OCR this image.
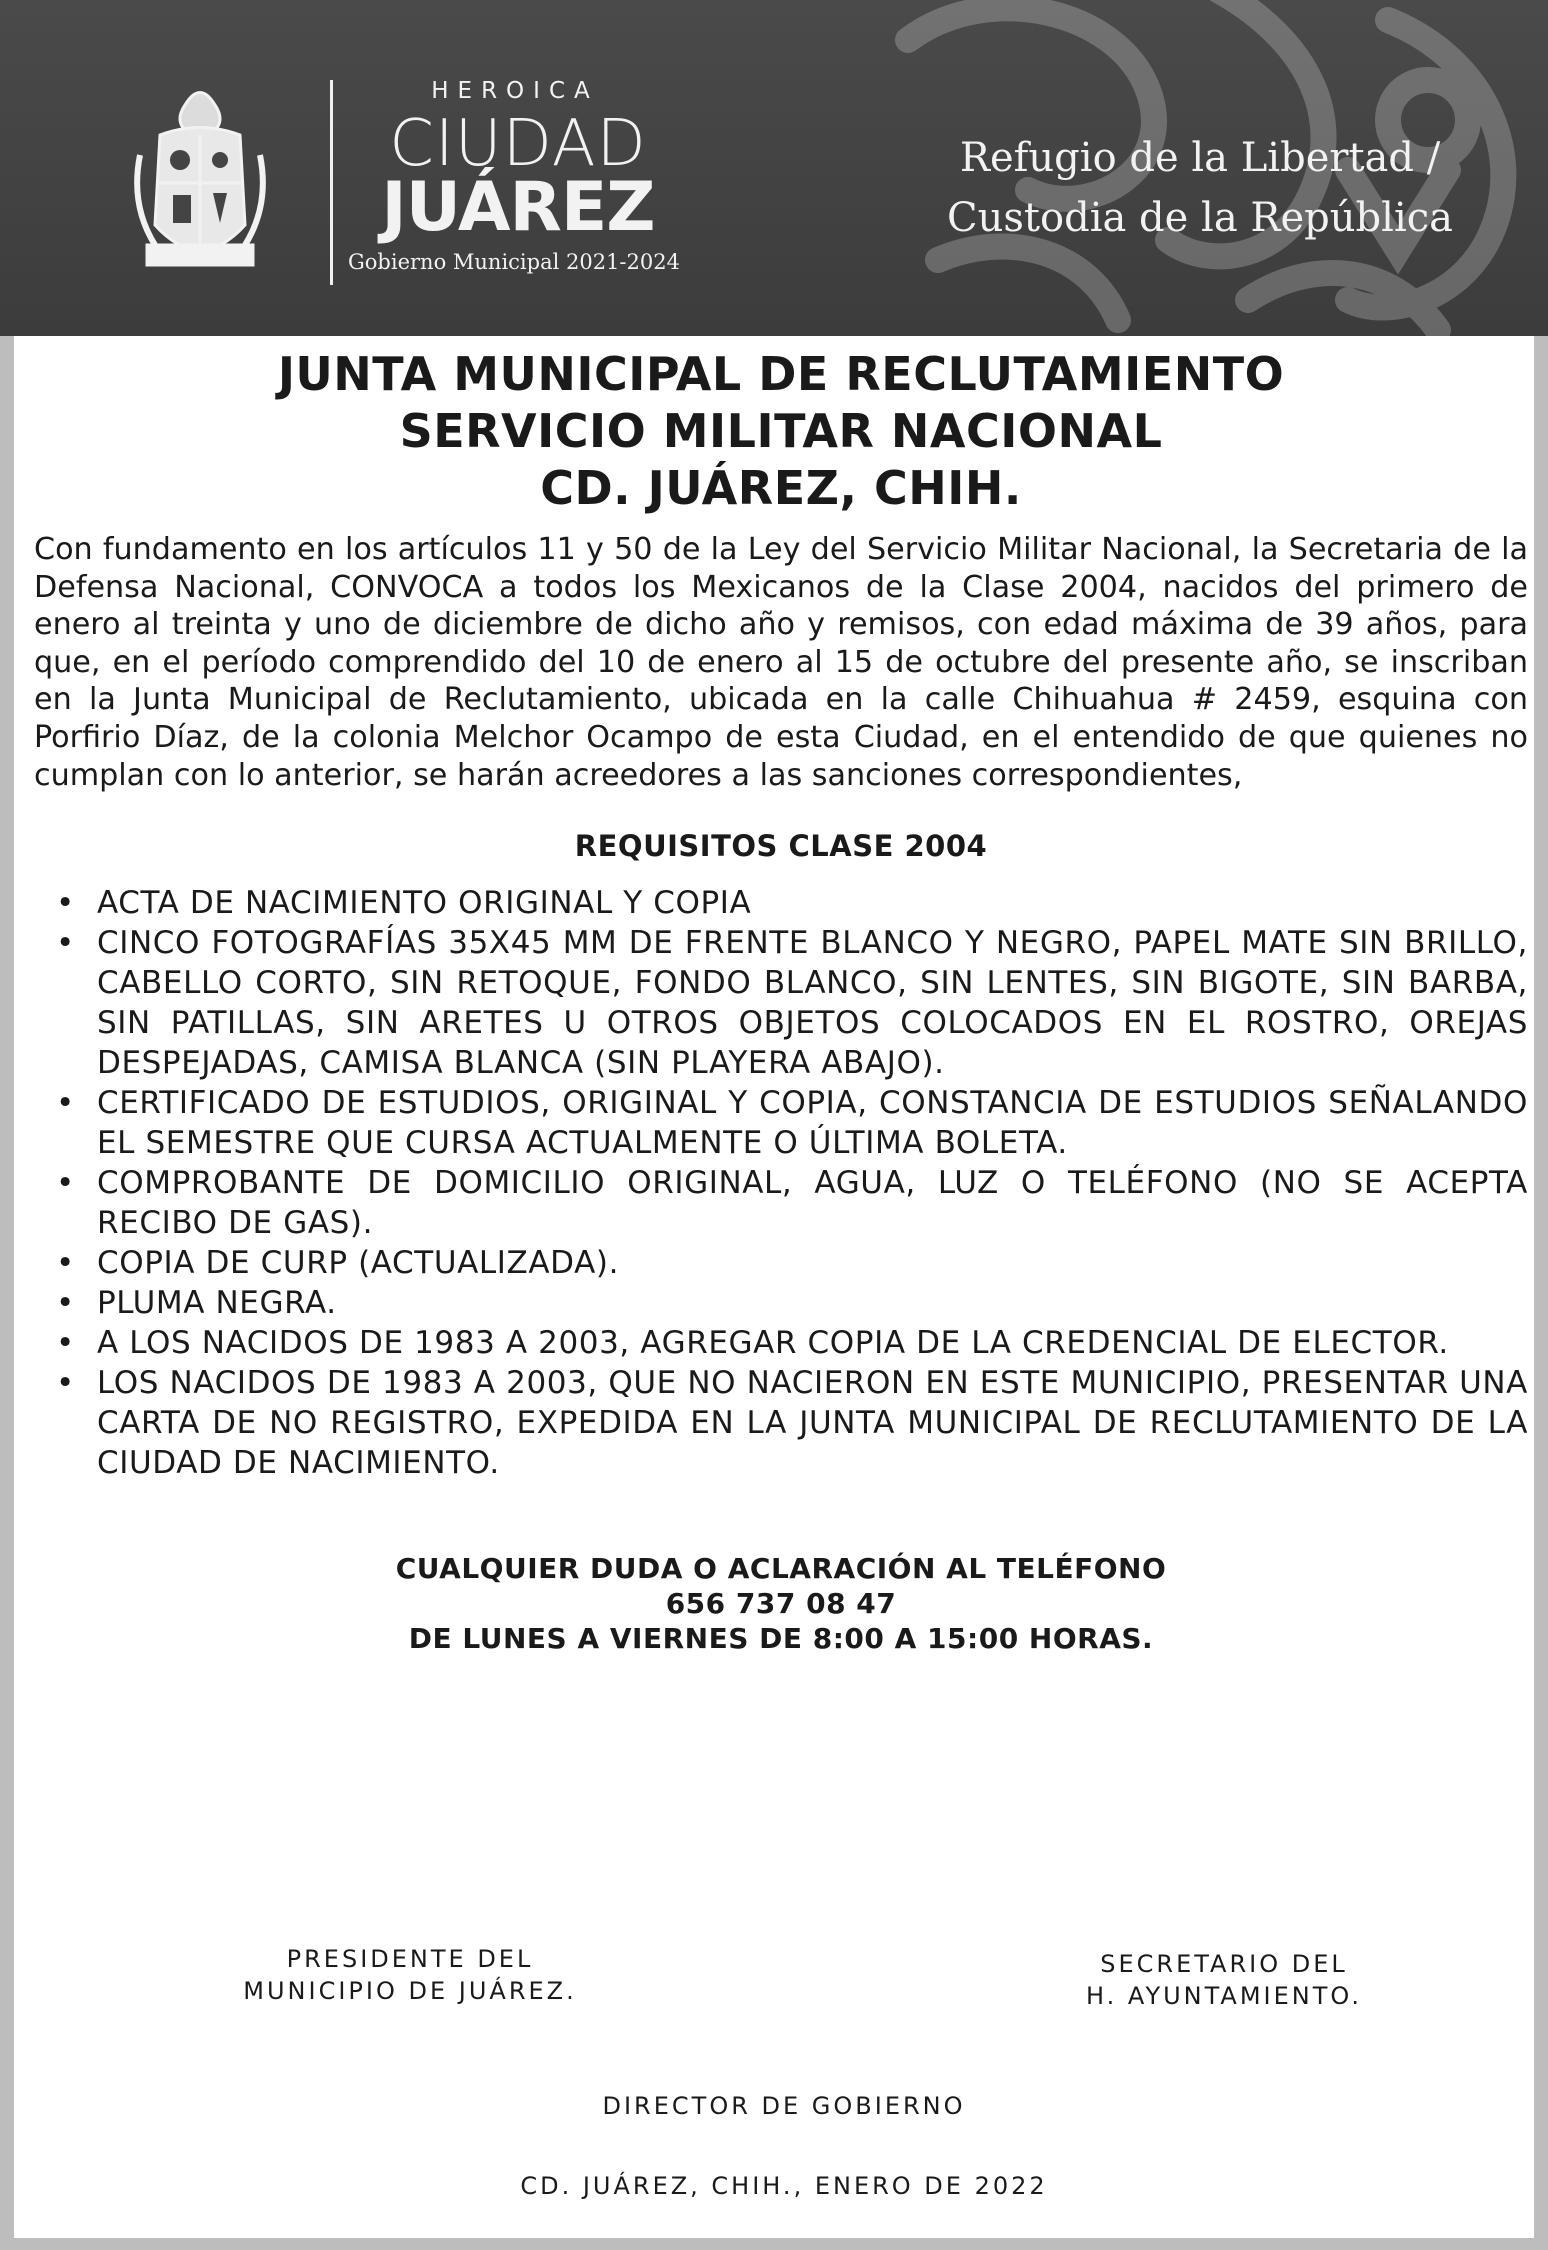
HEROICA
CIUDAD
JUÁREZ
Gobierno Municipal 2021-2024
Refugio de la Libertad /
Custodia de la República
JUNTA MUNICIPAL DE RECLUTAMIENTO
SERVICIO MILITAR NACIONAL
CD. JUÁREZ, CHIH.

Con fundamento en los artículos 11 y 50 de la Ley del Servicio Militar Nacional, la Secretaria de la Defensa Nacional, CONVOCA a todos los Mexicanos de la Clase 2004, nacidos del primero de enero al treinta y uno de diciembre de dicho año y remisos, con edad máxima de 39 años, para que, en el período comprendido del 10 de enero al 15 de octubre del presente año, se inscriban en la Junta Municipal de Reclutamiento, ubicada en la calle Chihuahua # 2459, esquina con Porfirio Díaz, de la colonia Melchor Ocampo de esta Ciudad, en el entendido de que quienes no cumplan con lo anterior, se harán acreedores a las sanciones correspondientes,

REQUISITOS CLASE 2004
• ACTA DE NACIMIENTO ORIGINAL Y COPIA
• CINCO FOTOGRAFÍAS 35X45 MM DE FRENTE BLANCO Y NEGRO, PAPEL MATE SIN BRILLO, CABELLO CORTO, SIN RETOQUE, FONDO BLANCO, SIN LENTES, SIN BIGOTE, SIN BARBA, SIN PATILLAS, SIN ARETES U OTROS OBJETOS COLOCADOS EN EL ROSTRO, OREJAS DESPEJADAS, CAMISA BLANCA (SIN PLAYERA ABAJO).
• CERTIFICADO DE ESTUDIOS, ORIGINAL Y COPIA, CONSTANCIA DE ESTUDIOS SEÑALANDO EL SEMESTRE QUE CURSA ACTUALMENTE O ÚLTIMA BOLETA.
• COMPROBANTE DE DOMICILIO ORIGINAL, AGUA, LUZ O TELÉFONO (NO SE ACEPTA RECIBO DE GAS).
• COPIA DE CURP (ACTUALIZADA).
• PLUMA NEGRA.
• A LOS NACIDOS DE 1983 A 2003, AGREGAR COPIA DE LA CREDENCIAL DE ELECTOR.
• LOS NACIDOS DE 1983 A 2003, QUE NO NACIERON EN ESTE MUNICIPIO, PRESENTAR UNA CARTA DE NO REGISTRO, EXPEDIDA EN LA JUNTA MUNICIPAL DE RECLUTAMIENTO DE LA CIUDAD DE NACIMIENTO.
CUALQUIER DUDA O ACLARACIÓN AL TELÉFONO
656 737 08 47
DE LUNES A VIERNES DE 8:00 A 15:00 HORAS.
PRESIDENTE DEL
MUNICIPIO DE JUÁREZ.
SECRETARIO DEL
H. AYUNTAMIENTO.
DIRECTOR DE GOBIERNO
CD. JUÁREZ, CHIH., ENERO DE 2022
